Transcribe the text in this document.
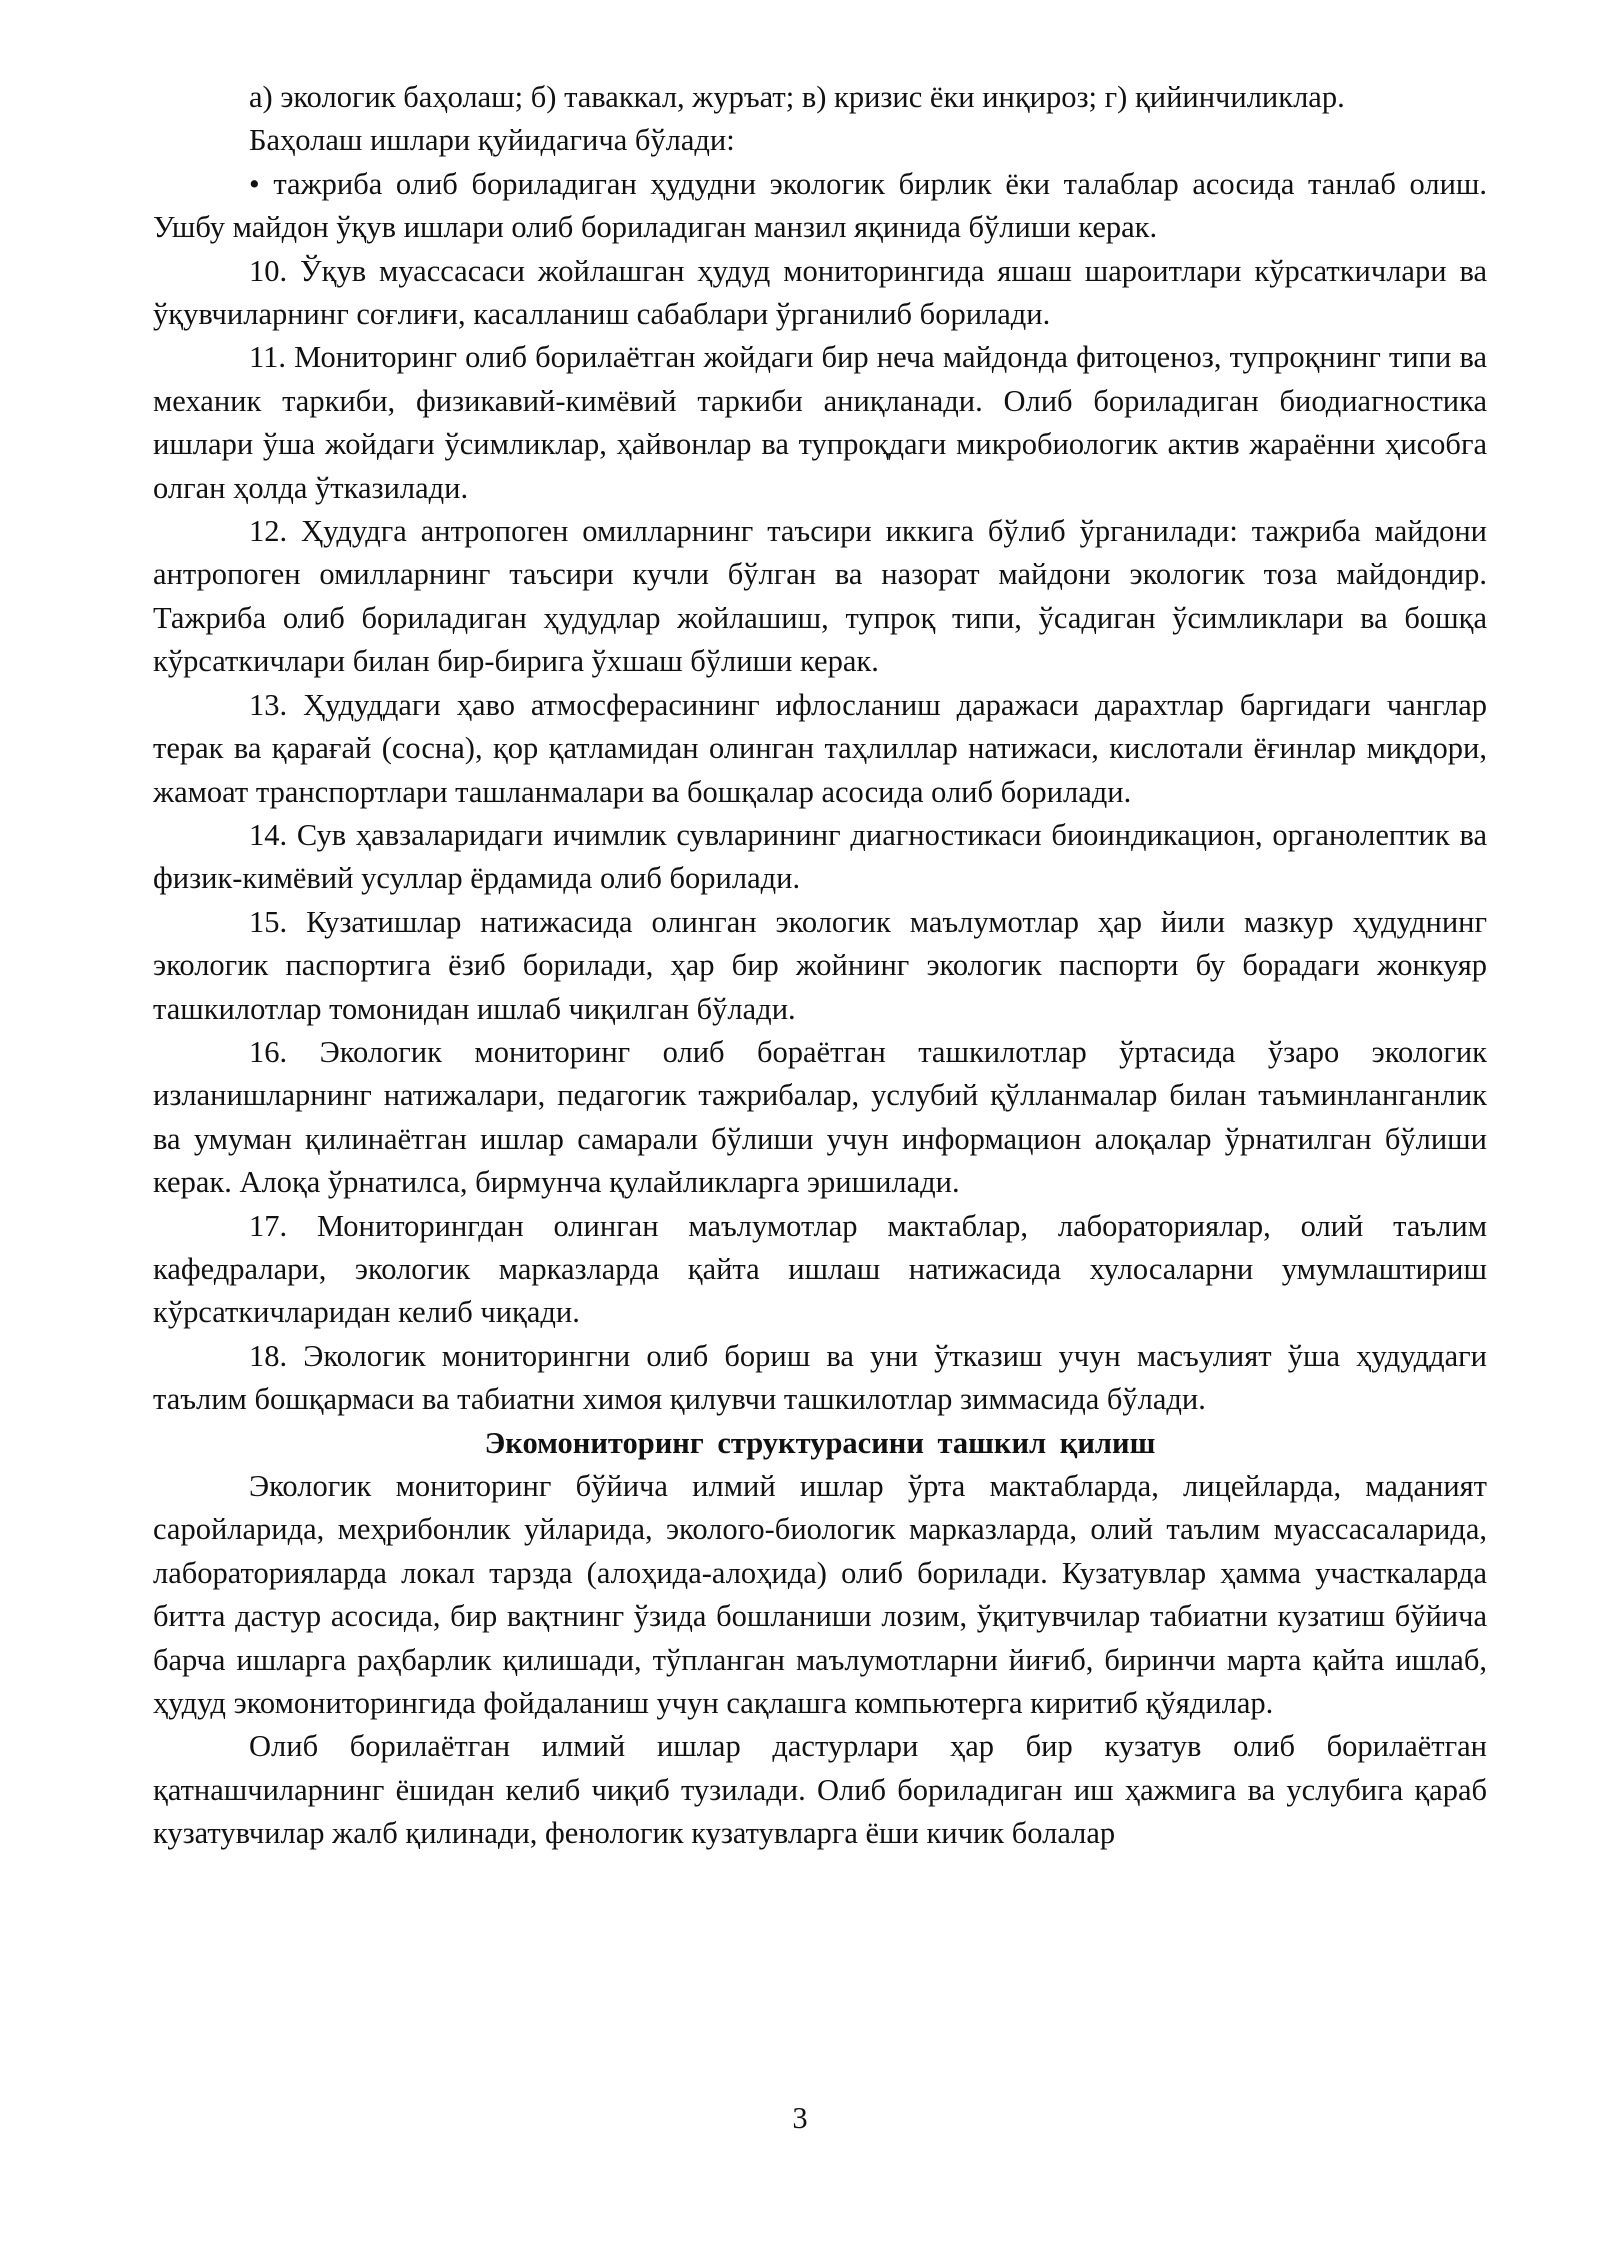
а) экологик баҳолаш; б) таваккал, журъат; в) кризис ёки инқироз; г) қийинчиликлар.

Баҳолаш ишлари қуйидагича бўлади:

• тажриба олиб бориладиган ҳудудни экологик бирлик ёки талаблар асосида танлаб олиш. Ушбу майдон ўқув ишлари олиб бориладиган манзил яқинида бўлиши керак.

10. Ўқув муассасаси жойлашган ҳудуд мониторингида яшаш шароитлари кўрсаткичлари ва ўқувчиларнинг соғлиғи, касалланиш сабаблари ўрганилиб борилади.

11. Мониторинг олиб борилаётган жойдаги бир неча майдонда фитоценоз, тупроқнинг типи ва механик таркиби, физикавий-кимёвий таркиби аниқланади. Олиб бориладиган биодиагностика ишлари ўша жойдаги ўсимликлар, ҳайвонлар ва тупроқдаги микробиологик актив жараённи ҳисобга олган ҳолда ўтказилади.

12. Ҳудудга антропоген омилларнинг таъсири иккига бўлиб ўрганилади: тажриба майдони антропоген омилларнинг таъсири кучли бўлган ва назорат майдони экологик тоза майдондир. Тажриба олиб бориладиган ҳудудлар жойлашиш, тупроқ типи, ўсадиган ўсимликлари ва бошқа кўрсаткичлари билан бир-бирига ўхшаш бўлиши керак.

13. Ҳудуддаги ҳаво атмосферасининг ифлосланиш даражаси дарахтлар баргидаги чанглар терак ва қарағай (сосна), қор қатламидан олинган таҳлиллар натижаси, кислотали ёғинлар миқдори, жамоат транспортлари ташланмалари ва бошқалар асосида олиб борилади.

14. Сув ҳавзаларидаги ичимлик сувларининг диагностикаси биоиндикацион, органолептик ва физик-кимёвий усуллар ёрдамида олиб борилади.

15. Кузатишлар натижасида олинган экологик маълумотлар ҳар йили мазкур ҳудуднинг экологик паспортига ёзиб борилади, ҳар бир жойнинг экологик паспорти бу борадаги жонкуяр ташкилотлар томонидан ишлаб чиқилган бўлади.

16. Экологик мониторинг олиб бораётган ташкилотлар ўртасида ўзаро экологик изланишларнинг натижалари, педагогик тажрибалар, услубий қўлланмалар билан таъминланганлик ва умуман қилинаётган ишлар самарали бўлиши учун информацион алоқалар ўрнатилган бўлиши керак. Алоқа ўрнатилса, бирмунча қулайликларга эришилади.

17. Мониторингдан олинган маълумотлар мактаблар, лабораториялар, олий таълим кафедралари, экологик марказларда қайта ишлаш натижасида хулосаларни умумлаштириш кўрсаткичларидан келиб чиқади.

18. Экологик мониторингни олиб бориш ва уни ўтказиш учун масъулият ўша ҳудуддаги таълим бошқармаси ва табиатни химоя қилувчи ташкилотлар зиммасида бўлади.

Экомониторинг структурасини ташкил қилиш

Экологик мониторинг бўйича илмий ишлар ўрта мактабларда, лицейларда, маданият саройларида, меҳрибонлик уйларида, эколого-биологик марказларда, олий таълим муассасаларида, лабораторияларда локал тарзда (алоҳида-алоҳида) олиб борилади. Кузатувлар ҳамма участкаларда битта дастур асосида, бир вақтнинг ўзида бошланиши лозим, ўқитувчилар табиатни кузатиш бўйича барча ишларга раҳбарлик қилишади, тўпланган маълумотларни йиғиб, биринчи марта қайта ишлаб, ҳудуд экомониторингида фойдаланиш учун сақлашга компьютерга киритиб қўядилар.

Олиб борилаётган илмий ишлар дастурлари ҳар бир кузатув олиб борилаётган қатнашчиларнинг ёшидан келиб чиқиб тузилади. Олиб бориладиган иш ҳажмига ва услубига қараб кузатувчилар жалб қилинади, фенологик кузатувларга ёши кичик болалар

3
